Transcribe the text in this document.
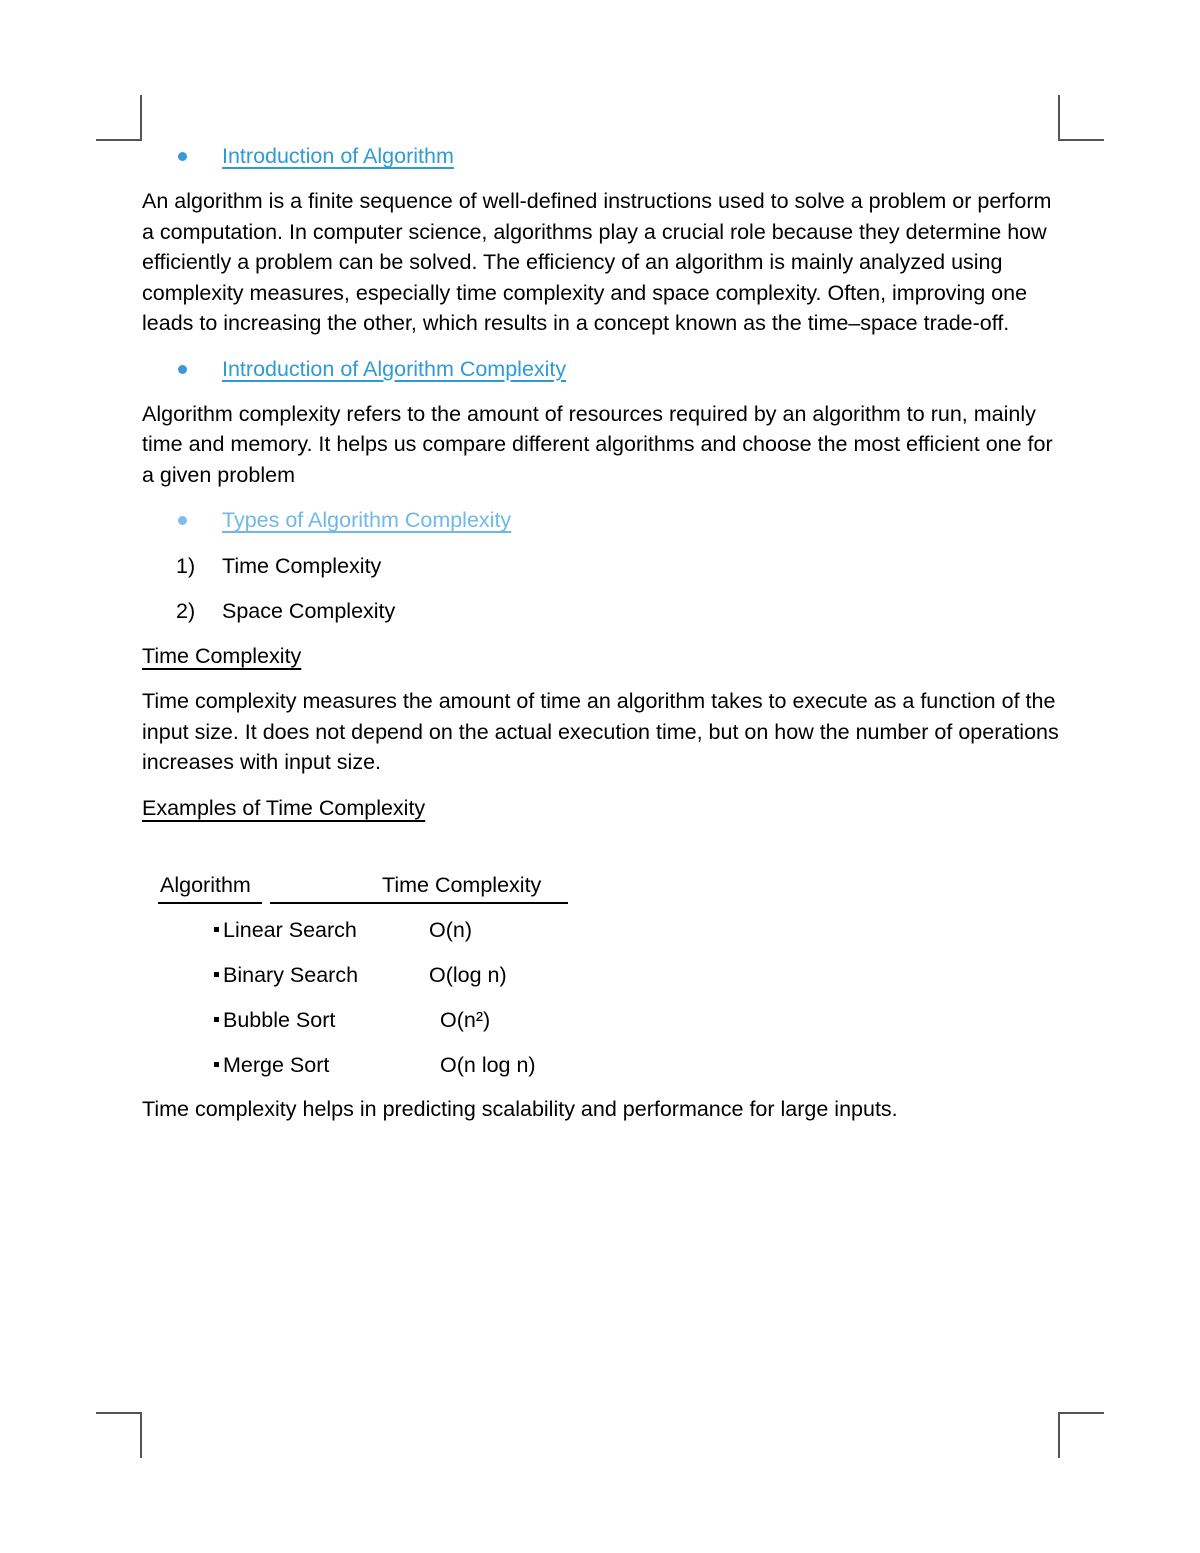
Introduction of Algorithm

An algorithm is a finite sequence of well-defined instructions used to solve a problem or perform a computation. In computer science, algorithms play a crucial role because they determine how efficiently a problem can be solved. The efficiency of an algorithm is mainly analyzed using complexity measures, especially time complexity and space complexity. Often, improving one leads to increasing the other, which results in a concept known as the time–space trade-off.

Introduction of Algorithm Complexity

Algorithm complexity refers to the amount of resources required by an algorithm to run, mainly time and memory. It helps us compare different algorithms and choose the most efficient one for a given problem

Types of Algorithm Complexity
1) Time Complexity
2) Space Complexity
Time Complexity

Time complexity measures the amount of time an algorithm takes to execute as a function of the input size. It does not depend on the actual execution time, but on how the number of operations increases with input size.

Examples of Time Complexity
Algorithm	Time Complexity
Linear Search	O(n)
Binary Search	O(log n)
Bubble Sort	O(n²)
Merge Sort	O(n log n)

Time complexity helps in predicting scalability and performance for large inputs.
